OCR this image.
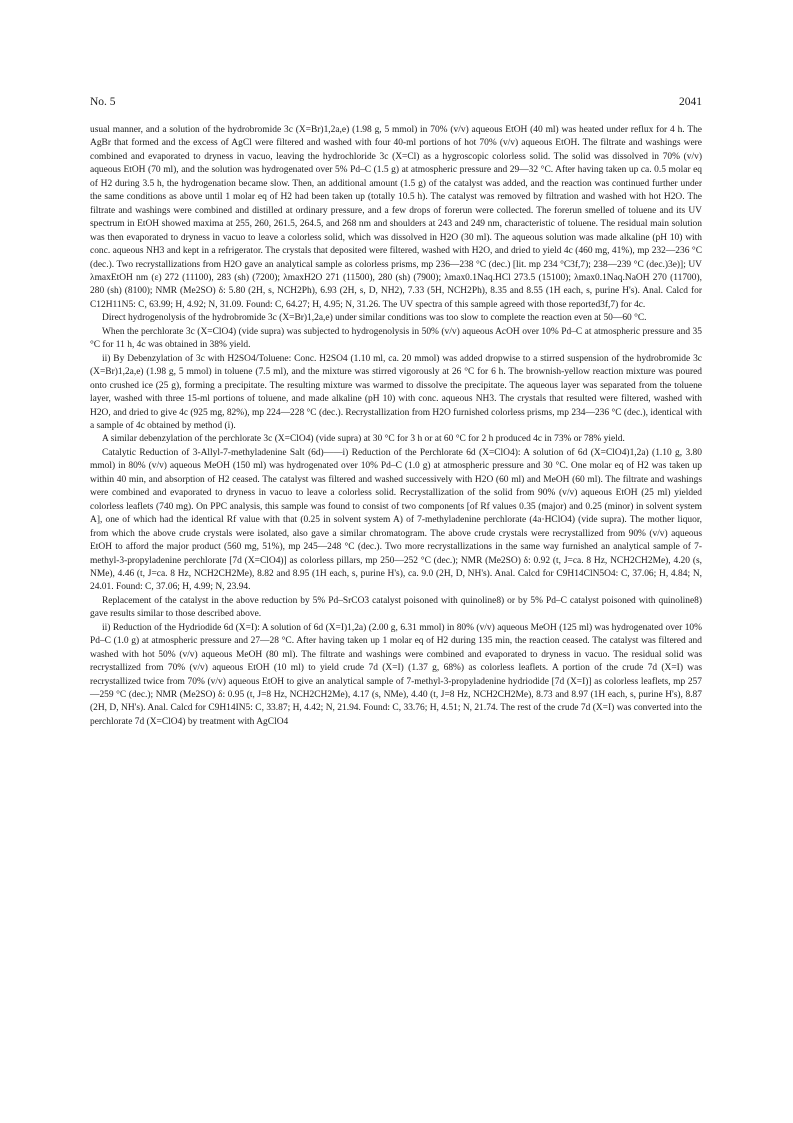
No. 5	2041

usual manner, and a solution of the hydrobromide 3c (X=Br)1,2a,e) (1.98 g, 5 mmol) in 70% (v/v) aqueous EtOH (40 ml) was heated under reflux for 4 h. The AgBr that formed and the excess of AgCl were filtered and washed with four 40-ml portions of hot 70% (v/v) aqueous EtOH. The filtrate and washings were combined and evaporated to dryness in vacuo, leaving the hydrochloride 3c (X=Cl) as a hygroscopic colorless solid. The solid was dissolved in 70% (v/v) aqueous EtOH (70 ml), and the solution was hydrogenated over 5% Pd–C (1.5 g) at atmospheric pressure and 29—32 °C. After having taken up ca. 0.5 molar eq of H2 during 3.5 h, the hydrogenation became slow. Then, an additional amount (1.5 g) of the catalyst was added, and the reaction was continued further under the same conditions as above until 1 molar eq of H2 had been taken up (totally 10.5 h). The catalyst was removed by filtration and washed with hot H2O. The filtrate and washings were combined and distilled at ordinary pressure, and a few drops of forerun were collected. The forerun smelled of toluene and its UV spectrum in EtOH showed maxima at 255, 260, 261.5, 264.5, and 268 nm and shoulders at 243 and 249 nm, characteristic of toluene. The residual main solution was then evaporated to dryness in vacuo to leave a colorless solid, which was dissolved in H2O (30 ml). The aqueous solution was made alkaline (pH 10) with conc. aqueous NH3 and kept in a refrigerator. The crystals that deposited were filtered, washed with H2O, and dried to yield 4c (460 mg, 41%), mp 232—236 °C (dec.). Two recrystallizations from H2O gave an analytical sample as colorless prisms, mp 236—238 °C (dec.) [lit. mp 234 °C3f,7); 238—239 °C (dec.)3e)]; UV λmaxEtOH nm (ε) 272 (11100), 283 (sh) (7200); λmaxH2O 271 (11500), 280 (sh) (7900); λmax0.1Naq.HCl 273.5 (15100); λmax0.1Naq.NaOH 270 (11700), 280 (sh) (8100); NMR (Me2SO) δ: 5.80 (2H, s, NCH2Ph), 6.93 (2H, s, D, NH2), 7.33 (5H, NCH2Ph), 8.35 and 8.55 (1H each, s, purine H's). Anal. Calcd for C12H11N5: C, 63.99; H, 4.92; N, 31.09. Found: C, 64.27; H, 4.95; N, 31.26. The UV spectra of this sample agreed with those reported3f,7) for 4c.

Direct hydrogenolysis of the hydrobromide 3c (X=Br)1,2a,e) under similar conditions was too slow to complete the reaction even at 50—60 °C.

When the perchlorate 3c (X=ClO4) (vide supra) was subjected to hydrogenolysis in 50% (v/v) aqueous AcOH over 10% Pd–C at atmospheric pressure and 35 °C for 11 h, 4c was obtained in 38% yield.

ii) By Debenzylation of 3c with H2SO4/Toluene: Conc. H2SO4 (1.10 ml, ca. 20 mmol) was added dropwise to a stirred suspension of the hydrobromide 3c (X=Br)1,2a,e) (1.98 g, 5 mmol) in toluene (7.5 ml), and the mixture was stirred vigorously at 26 °C for 6 h. The brownish-yellow reaction mixture was poured onto crushed ice (25 g), forming a precipitate. The resulting mixture was warmed to dissolve the precipitate. The aqueous layer was separated from the toluene layer, washed with three 15-ml portions of toluene, and made alkaline (pH 10) with conc. aqueous NH3. The crystals that resulted were filtered, washed with H2O, and dried to give 4c (925 mg, 82%), mp 224—228 °C (dec.). Recrystallization from H2O furnished colorless prisms, mp 234—236 °C (dec.), identical with a sample of 4c obtained by method (i).

A similar debenzylation of the perchlorate 3c (X=ClO4) (vide supra) at 30 °C for 3 h or at 60 °C for 2 h produced 4c in 73% or 78% yield.

Catalytic Reduction of 3-Allyl-7-methyladenine Salt (6d)——i) Reduction of the Perchlorate 6d (X=ClO4): A solution of 6d (X=ClO4)1,2a) (1.10 g, 3.80 mmol) in 80% (v/v) aqueous MeOH (150 ml) was hydrogenated over 10% Pd–C (1.0 g) at atmospheric pressure and 30 °C. One molar eq of H2 was taken up within 40 min, and absorption of H2 ceased. The catalyst was filtered and washed successively with H2O (60 ml) and MeOH (60 ml). The filtrate and washings were combined and evaporated to dryness in vacuo to leave a colorless solid. Recrystallization of the solid from 90% (v/v) aqueous EtOH (25 ml) yielded colorless leaflets (740 mg). On PPC analysis, this sample was found to consist of two components [of Rf values 0.35 (major) and 0.25 (minor) in solvent system A], one of which had the identical Rf value with that (0.25 in solvent system A) of 7-methyladenine perchlorate (4a·HClO4) (vide supra). The mother liquor, from which the above crude crystals were isolated, also gave a similar chromatogram. The above crude crystals were recrystallized from 90% (v/v) aqueous EtOH to afford the major product (560 mg, 51%), mp 245—248 °C (dec.). Two more recrystallizations in the same way furnished an analytical sample of 7-methyl-3-propyladenine perchlorate [7d (X=ClO4)] as colorless pillars, mp 250—252 °C (dec.); NMR (Me2SO) δ: 0.92 (t, J=ca. 8 Hz, NCH2CH2Me), 4.20 (s, NMe), 4.46 (t, J=ca. 8 Hz, NCH2CH2Me), 8.82 and 8.95 (1H each, s, purine H's), ca. 9.0 (2H, D, NH's). Anal. Calcd for C9H14ClN5O4: C, 37.06; H, 4.84; N, 24.01. Found: C, 37.06; H, 4.99; N, 23.94.

Replacement of the catalyst in the above reduction by 5% Pd–SrCO3 catalyst poisoned with quinoline8) or by 5% Pd–C catalyst poisoned with quinoline8) gave results similar to those described above.

ii) Reduction of the Hydriodide 6d (X=I): A solution of 6d (X=I)1,2a) (2.00 g, 6.31 mmol) in 80% (v/v) aqueous MeOH (125 ml) was hydrogenated over 10% Pd–C (1.0 g) at atmospheric pressure and 27—28 °C. After having taken up 1 molar eq of H2 during 135 min, the reaction ceased. The catalyst was filtered and washed with hot 50% (v/v) aqueous MeOH (80 ml). The filtrate and washings were combined and evaporated to dryness in vacuo. The residual solid was recrystallized from 70% (v/v) aqueous EtOH (10 ml) to yield crude 7d (X=I) (1.37 g, 68%) as colorless leaflets. A portion of the crude 7d (X=I) was recrystallized twice from 70% (v/v) aqueous EtOH to give an analytical sample of 7-methyl-3-propyladenine hydriodide [7d (X=I)] as colorless leaflets, mp 257—259 °C (dec.); NMR (Me2SO) δ: 0.95 (t, J=8 Hz, NCH2CH2Me), 4.17 (s, NMe), 4.40 (t, J=8 Hz, NCH2CH2Me), 8.73 and 8.97 (1H each, s, purine H's), 8.87 (2H, D, NH's). Anal. Calcd for C9H14IN5: C, 33.87; H, 4.42; N, 21.94. Found: C, 33.76; H, 4.51; N, 21.74. The rest of the crude 7d (X=I) was converted into the perchlorate 7d (X=ClO4) by treatment with AgClO4
